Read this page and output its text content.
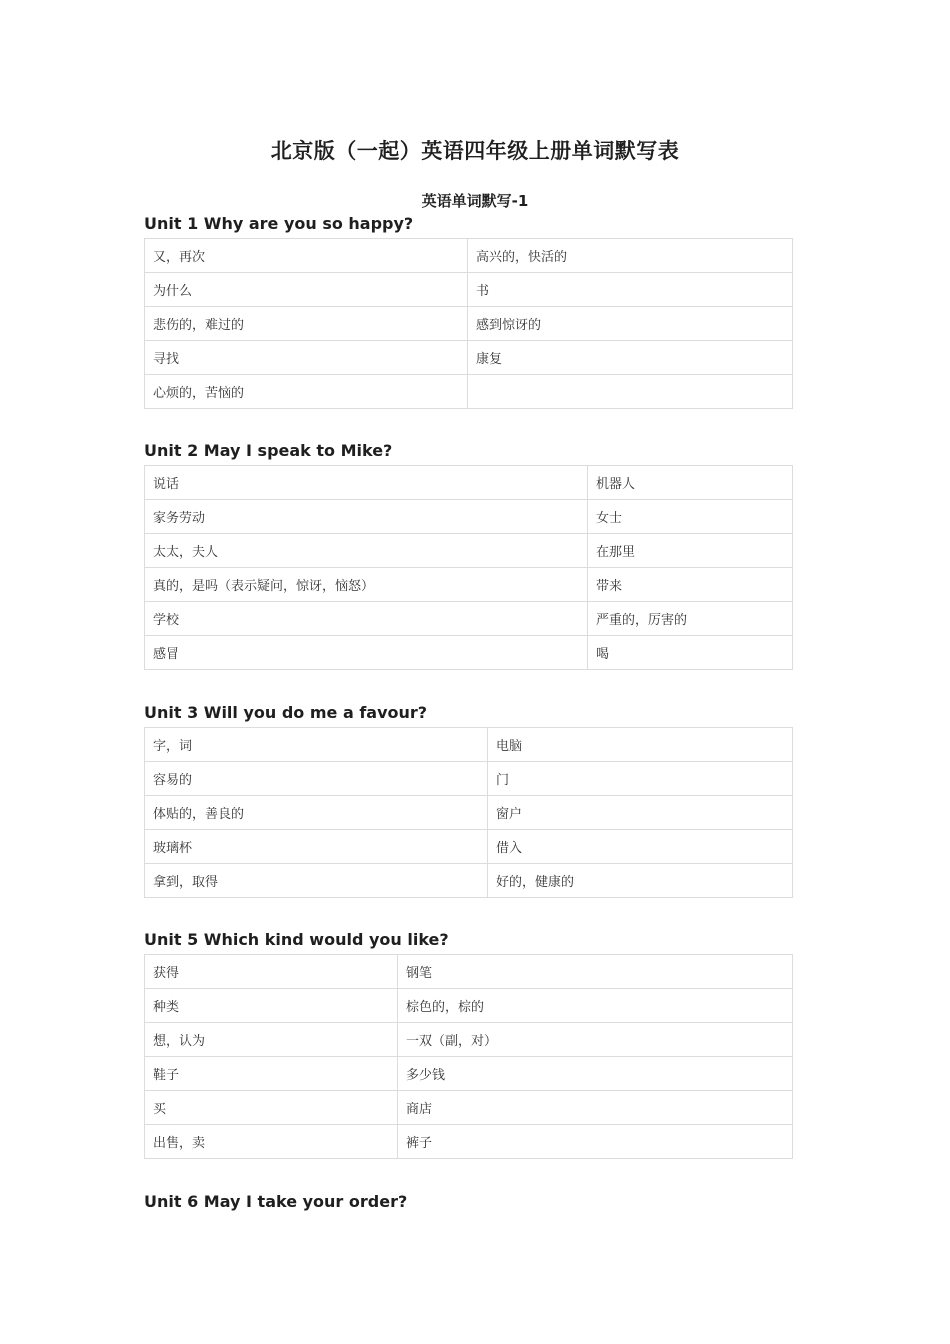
北京版（一起）英语四年级上册单词默写表
英语单词默写-1
Unit 1 Why are you so happy?
又，再次	高兴的，快活的
为什么	书
悲伤的，难过的	感到惊讶的
寻找	康复
心烦的，苦恼的	
Unit 2 May I speak to Mike?
说话	机器人
家务劳动	女士
太太，夫人	在那里
真的，是吗（表示疑问，惊讶，恼怒）	带来
学校	严重的，厉害的
感冒	喝
Unit 3 Will you do me a favour?
字，词	电脑
容易的	门
体贴的，善良的	窗户
玻璃杯	借入
拿到，取得	好的，健康的
Unit 5 Which kind would you like?
获得	钢笔
种类	棕色的，棕的
想，认为	一双（副，对）
鞋子	多少钱
买	商店
出售，卖	裤子
Unit 6 May I take your order?
